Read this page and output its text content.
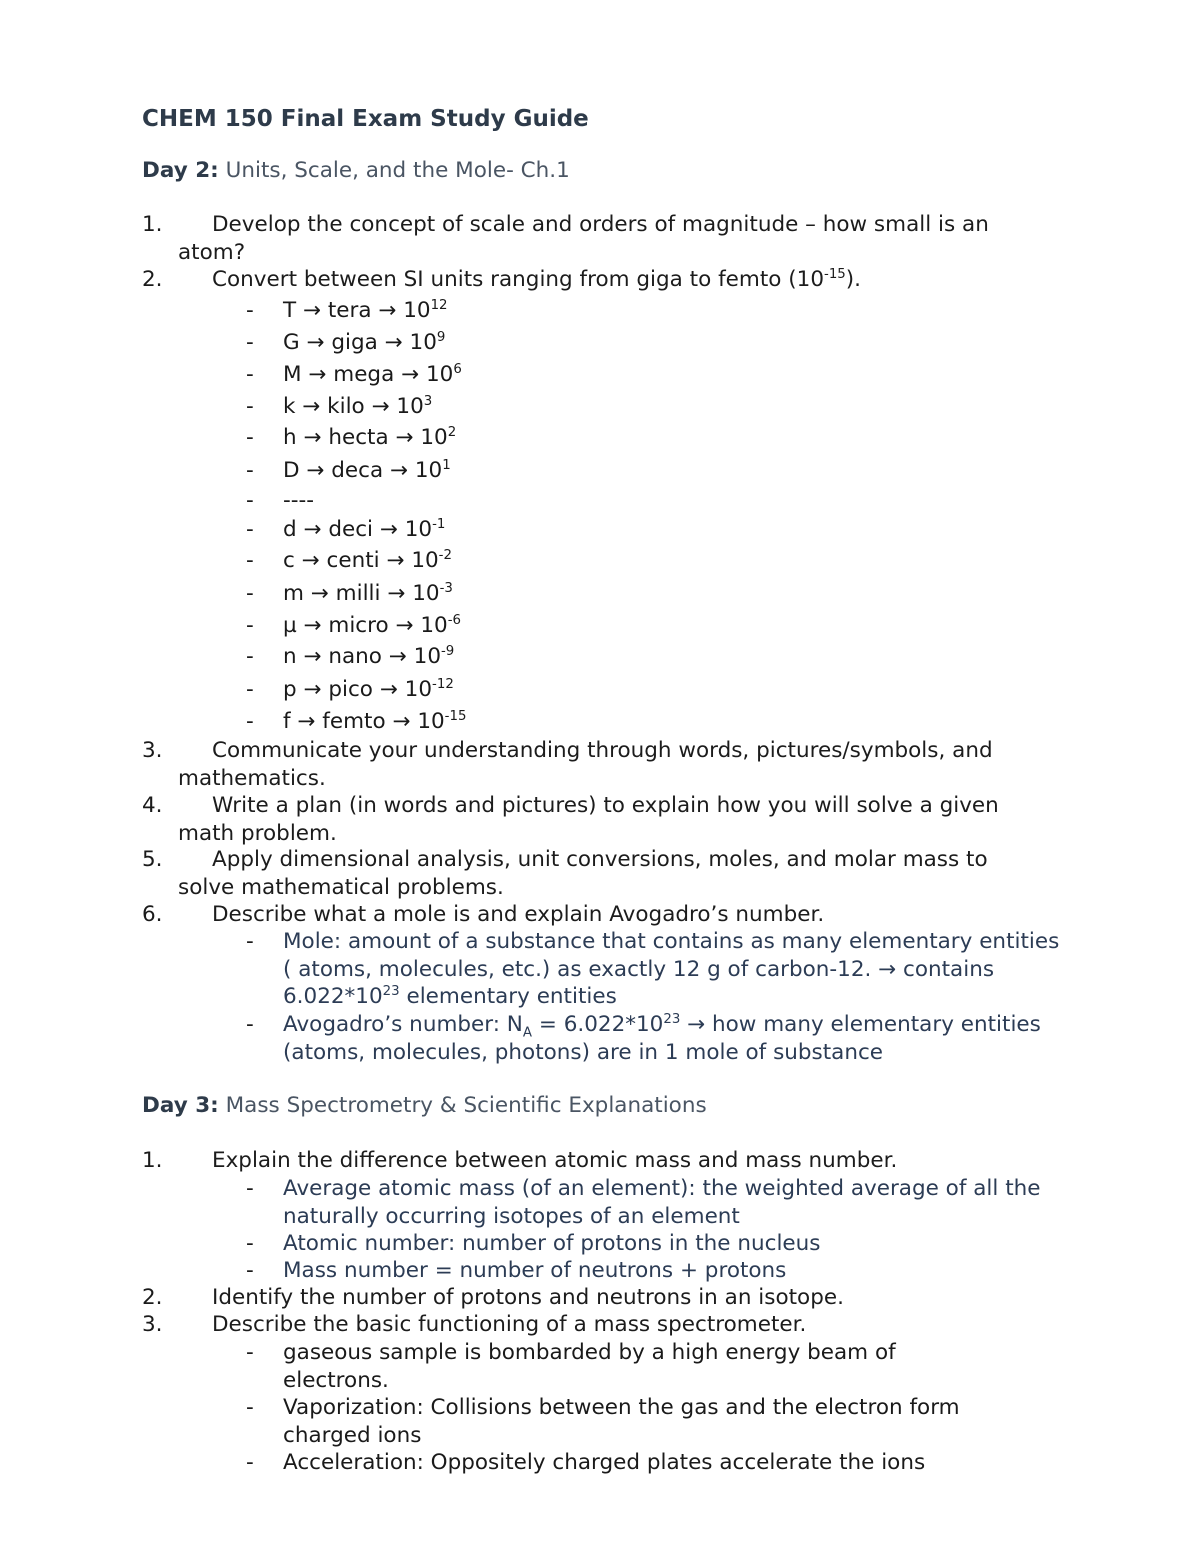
CHEM 150 Final Exam Study Guide
Day 2: Units, Scale, and the Mole- Ch.1
1.	Develop the concept of scale and orders of magnitude – how small is an atom?
2. Convert between SI units ranging from giga to femto $(10^{-15})$.
- T → tera → $10^{12}$
- G → giga → $10^9$
- M → mega → $10^6$
- k → kilo → $10^3$
- h → hecta → $10^2$
- D → deca → $10^1$
- ----
- d → deci → $10^{-1}$
- c → centi → $10^{-2}$
- m → milli → $10^{-3}$
- µ → micro → $10^{-6}$
- n → nano → $10^{-9}$
- p → pico → $10^{-12}$
- f → femto → $10^{-15}$
3.	Communicate your understanding through words, pictures/symbols, and mathematics.
4.	Write a plan (in words and pictures) to explain how you will solve a given math problem.
5.	Apply dimensional analysis, unit conversions, moles, and molar mass to solve mathematical problems.
6. Describe what a mole is and explain Avogadro’s number.
- Mole: amount of a substance that contains as many elementary entities ( atoms, molecules, etc.) as exactly 12 g of carbon-12. → contains $6.022*10^{23}$ elementary entities
- Avogadro’s number: $N_A = 6.022*10^{23}$ → how many elementary entities (atoms, molecules, photons) are in 1 mole of substance
Day 3: Mass Spectrometry & Scientific Explanations
1. Explain the difference between atomic mass and mass number.
- Average atomic mass (of an element): the weighted average of all the naturally occurring isotopes of an element
- Atomic number: number of protons in the nucleus
- Mass number = number of neutrons + protons
2. Identify the number of protons and neutrons in an isotope.
3. Describe the basic functioning of a mass spectrometer.
- gaseous sample is bombarded by a high energy beam of electrons.
- Vaporization: Collisions between the gas and the electron form charged ions
- Acceleration: Oppositely charged plates accelerate the ions
